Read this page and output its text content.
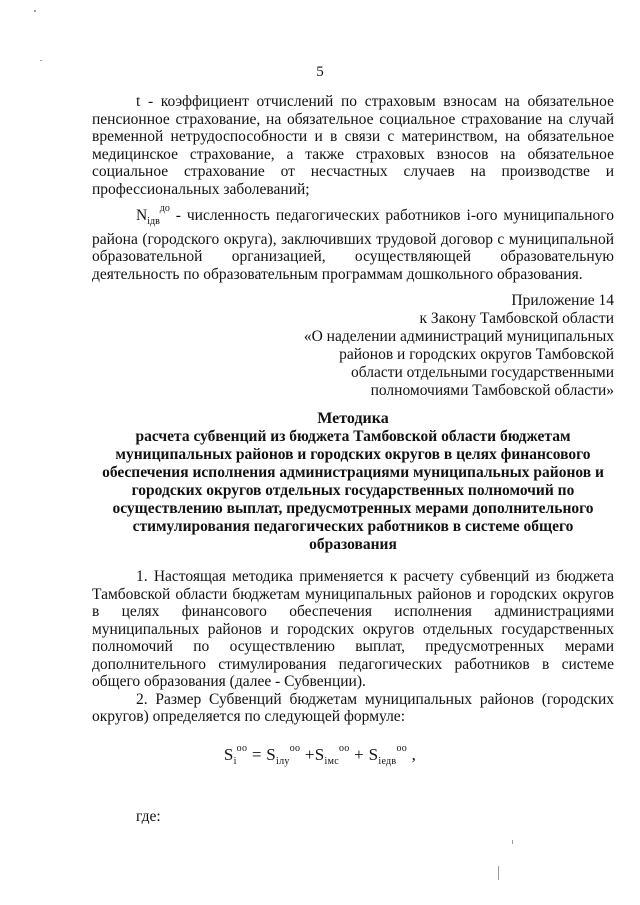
5

t - коэффициент отчислений по страховым взносам на обязательное пенсионное страхование, на обязательное социальное страхование на случай временной нетрудоспособности и в связи с материнством, на обязательное медицинское страхование, а также страховых взносов на обязательное социальное страхование от несчастных случаев на производстве и профессиональных заболеваний;

$N_{iдв}^{до}$ - численность педагогических работников i-ого муниципального района (городского округа), заключивших трудовой договор с муниципальной образовательной организацией, осуществляющей образовательную деятельность по образовательным программам дошкольного образования.

Приложение 14
к Закону Тамбовской области
«О наделении администраций муниципальных
районов и городских округов Тамбовской
области отдельными государственными
полномочиями Тамбовской области»
Методика
расчета субвенций из бюджета Тамбовской области бюджетам муниципальных районов и городских округов в целях финансового обеспечения исполнения администрациями муниципальных районов и городских округов отдельных государственных полномочий по осуществлению выплат, предусмотренных мерами дополнительного стимулирования педагогических работников в системе общего образования

1. Настоящая методика применяется к расчету субвенций из бюджета Тамбовской области бюджетам муниципальных районов и городских округов в целях финансового обеспечения исполнения администрациями муниципальных районов и городских округов отдельных государственных полномочий по осуществлению выплат, предусмотренных мерами дополнительного стимулирования педагогических работников в системе общего образования (далее - Субвенции).

2. Размер Субвенций бюджетам муниципальных районов (городских округов) определяется по следующей формуле:

$S_i^{оо} = S_{iлу}^{оо} +S_{iмс}^{оо} + S_{iедв}^{оо}$ ,
где:
